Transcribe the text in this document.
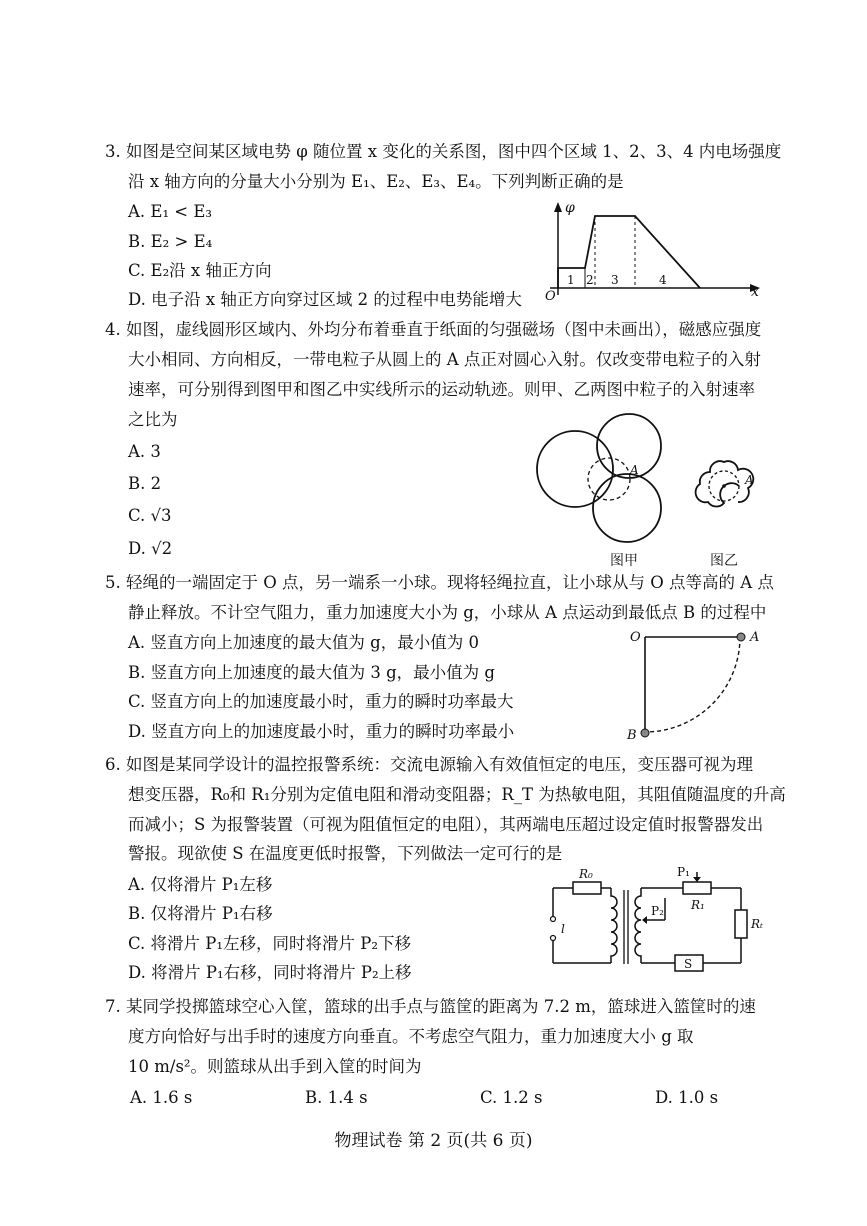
3. 如图是空间某区域电势 φ 随位置 x 变化的关系图，图中四个区域 1、2、3、4 内电场强度
沿 x 轴方向的分量大小分别为 E₁、E₂、E₃、E₄。下列判断正确的是
A. E₁ < E₃
B. E₂ > E₄
C. E₂沿 x 轴正方向
D. 电子沿 x 轴正方向穿过区域 2 的过程中电势能增大
φ
x
O
1 2 3	4
4. 如图，虚线圆形区域内、外均分布着垂直于纸面的匀强磁场（图中未画出），磁感应强度
大小相同、方向相反，一带电粒子从圆上的 A 点正对圆心入射。仅改变带电粒子的入射
速率，可分别得到图甲和图乙中实线所示的运动轨迹。则甲、乙两图中粒子的入射速率
之比为
A. 3
B. 2
C. √3
D. √2
A
图甲
A
图乙
5. 轻绳的一端固定于 O 点，另一端系一小球。现将轻绳拉直，让小球从与 O 点等高的 A 点
静止释放。不计空气阻力，重力加速度大小为 g，小球从 A 点运动到最低点 B 的过程中
A. 竖直方向上加速度的最大值为 g，最小值为 0
B. 竖直方向上加速度的最大值为 3 g，最小值为 g
C. 竖直方向上的加速度最小时，重力的瞬时功率最大
D. 竖直方向上的加速度最小时，重力的瞬时功率最小
O	A
B
6. 如图是某同学设计的温控报警系统：交流电源输入有效值恒定的电压，变压器可视为理
想变压器，R₀和 R₁分别为定值电阻和滑动变阻器；R_T 为热敏电阻，其阻值随温度的升高
而减小；S 为报警装置（可视为阻值恒定的电阻），其两端电压超过设定值时报警器发出
警报。现欲使 S 在温度更低时报警，下列做法一定可行的是
A. 仅将滑片 P₁左移
B. 仅将滑片 P₁右移
C. 将滑片 P₁左移，同时将滑片 P₂下移
D. 将滑片 P₁右移，同时将滑片 P₂上移
R₀
l
P₁
R₁
P₂
Rₜ
S
7. 某同学投掷篮球空心入筐，篮球的出手点与篮筐的距离为 7.2 m，篮球进入篮筐时的速
度方向恰好与出手时的速度方向垂直。不考虑空气阻力，重力加速度大小 g 取
10 m/s²。则篮球从出手到入筐的时间为
A. 1.6 s	B. 1.4 s	C. 1.2 s	D. 1.0 s
物理试卷 第 2 页(共 6 页)
